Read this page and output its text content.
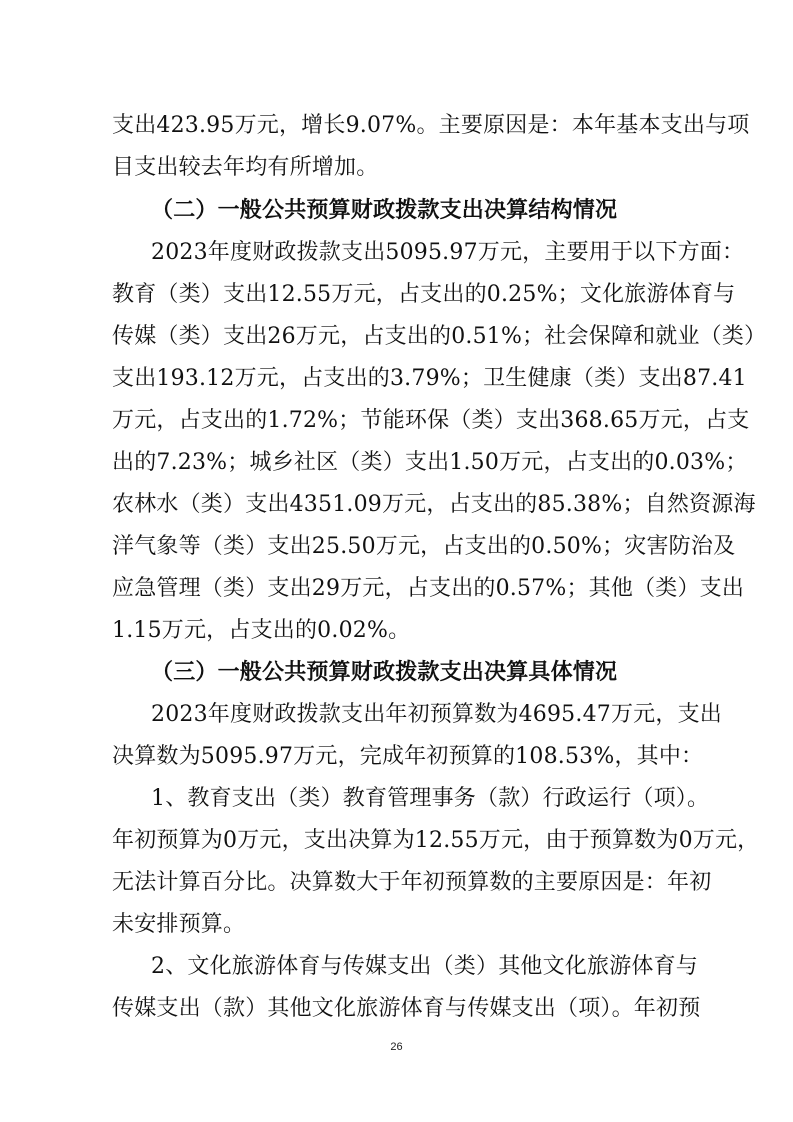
支出423.95万元，增长9.07%。主要原因是：本年基本支出与项
目支出较去年均有所增加。
（二）一般公共预算财政拨款支出决算结构情况
2023年度财政拨款支出5095.97万元，主要用于以下方面：
教育（类）支出12.55万元，占支出的0.25%；文化旅游体育与
传媒（类）支出26万元，占支出的0.51%；社会保障和就业（类）
支出193.12万元，占支出的3.79%；卫生健康（类）支出87.41
万元，占支出的1.72%；节能环保（类）支出368.65万元，占支
出的7.23%；城乡社区（类）支出1.50万元，占支出的0.03%；
农林水（类）支出4351.09万元，占支出的85.38%；自然资源海
洋气象等（类）支出25.50万元，占支出的0.50%；灾害防治及
应急管理（类）支出29万元，占支出的0.57%；其他（类）支出
1.15万元，占支出的0.02%。
（三）一般公共预算财政拨款支出决算具体情况
2023年度财政拨款支出年初预算数为4695.47万元，支出
决算数为5095.97万元，完成年初预算的108.53%，其中：
1、教育支出（类）教育管理事务（款）行政运行（项）。
年初预算为0万元，支出决算为12.55万元，由于预算数为0万元，
无法计算百分比。决算数大于年初预算数的主要原因是：年初
未安排预算。
2、文化旅游体育与传媒支出（类）其他文化旅游体育与
传媒支出（款）其他文化旅游体育与传媒支出（项）。年初预
26
